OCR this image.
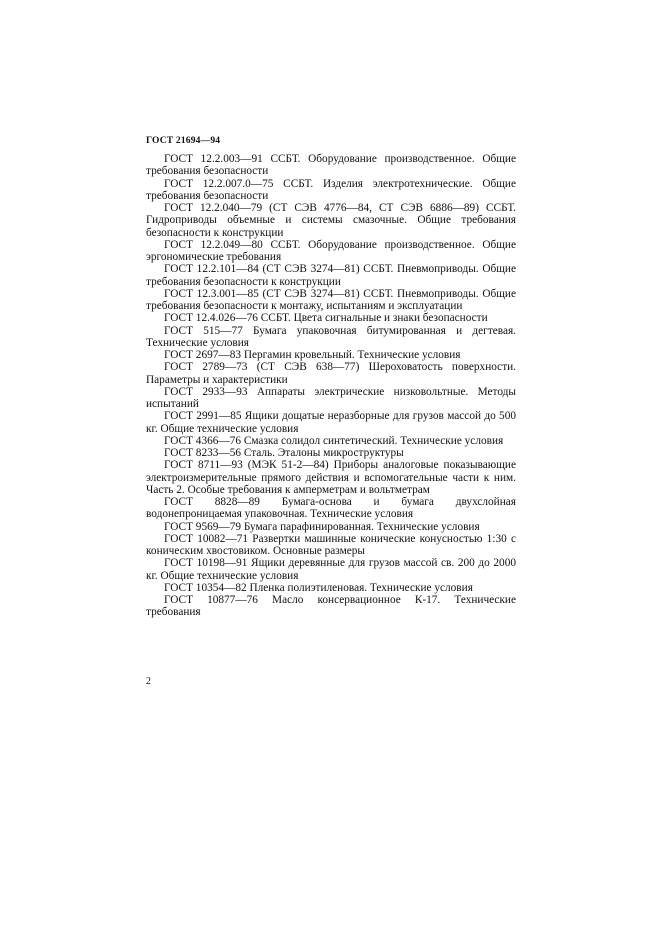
ГОСТ 21694—94

ГОСТ 12.2.003—91 ССБТ. Оборудование производственное. Общие требования безопасности

ГОСТ 12.2.007.0—75 ССБТ. Изделия электротехнические. Общие требования безопасности

ГОСТ 12.2.040—79 (СТ СЭВ 4776—84, СТ СЭВ 6886—89) ССБТ. Гидроприводы объемные и системы смазочные. Общие требования безопасности к конструкции

ГОСТ 12.2.049—80 ССБТ. Оборудование производственное. Общие эргономические требования

ГОСТ 12.2.101—84 (СТ СЭВ 3274—81) ССБТ. Пневмоприводы. Общие требования безопасности к конструкции

ГОСТ 12.3.001—85 (СТ СЭВ 3274—81) ССБТ. Пневмоприводы. Общие требования безопасности к монтажу, испытаниям и эксплуатации

ГОСТ 12.4.026—76 ССБТ. Цвета сигнальные и знаки безопасности

ГОСТ 515—77 Бумага упаковочная битумированная и дегтевая. Технические условия

ГОСТ 2697—83 Пергамин кровельный. Технические условия

ГОСТ 2789—73 (СТ СЭВ 638—77) Шероховатость поверхности. Параметры и характеристики

ГОСТ 2933—93 Аппараты электрические низковольтные. Методы испытаний

ГОСТ 2991—85 Ящики дощатые неразборные для грузов массой до 500 кг. Общие технические условия

ГОСТ 4366—76 Смазка солидол синтетический. Технические условия

ГОСТ 8233—56 Сталь. Эталоны микроструктуры

ГОСТ 8711—93 (МЭК 51-2—84) Приборы аналоговые показывающие электроизмерительные прямого действия и вспомогательные части к ним. Часть 2. Особые требования к амперметрам и вольтметрам

ГОСТ 8828—89 Бумага-основа и бумага двухслойная водонепроницаемая упаковочная. Технические условия

ГОСТ 9569—79 Бумага парафинированная. Технические условия

ГОСТ 10082—71 Развертки машинные конические конусностью 1:30 с коническим хвостовиком. Основные размеры

ГОСТ 10198—91 Ящики деревянные для грузов массой св. 200 до 2000 кг. Общие технические условия

ГОСТ 10354—82 Пленка полиэтиленовая. Технические условия

ГОСТ 10877—76 Масло консервационное К-17. Технические требования

2
